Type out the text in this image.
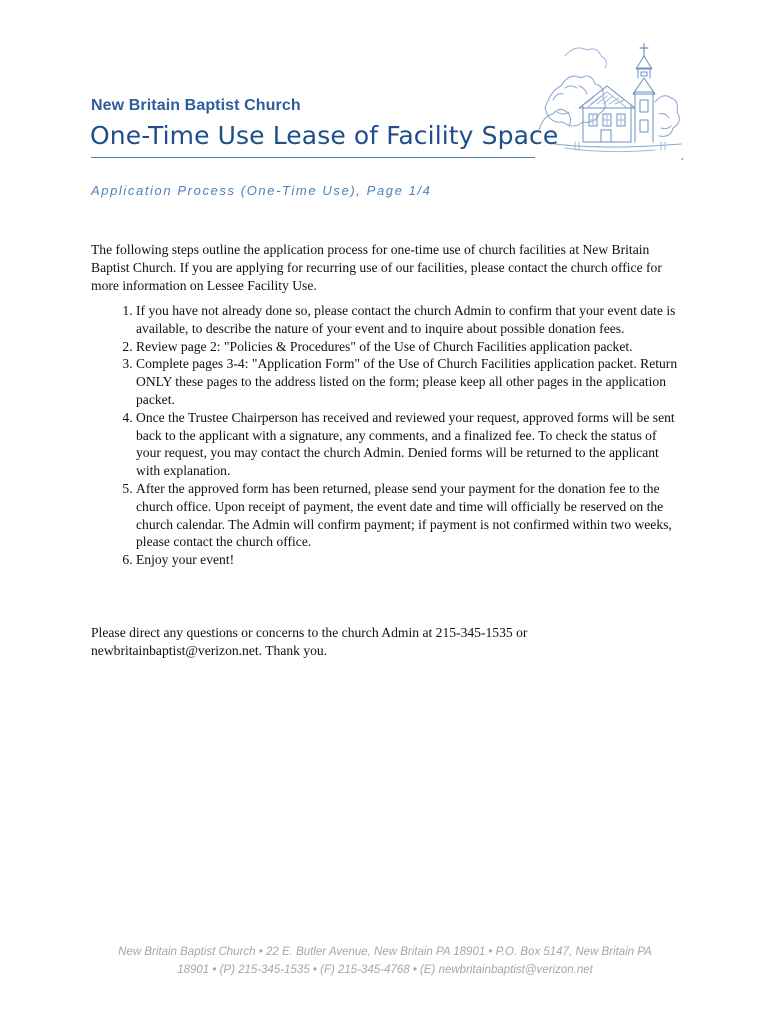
New Britain Baptist Church
One-Time Use Lease of Facility Space
Application Process (One-Time Use), Page 1/4
The following steps outline the application process for one-time use of church facilities at New Britain Baptist Church. If you are applying for recurring use of our facilities, please contact the church office for more information on Lessee Facility Use.
1. If you have not already done so, please contact the church Admin to confirm that your event date is available, to describe the nature of your event and to inquire about possible donation fees.
2. Review page 2: "Policies & Procedures" of the Use of Church Facilities application packet.
3. Complete pages 3-4: "Application Form" of the Use of Church Facilities application packet. Return ONLY these pages to the address listed on the form; please keep all other pages in the application packet.
4. Once the Trustee Chairperson has received and reviewed your request, approved forms will be sent back to the applicant with a signature, any comments, and a finalized fee. To check the status of your request, you may contact the church Admin. Denied forms will be returned to the applicant with explanation.
5. After the approved form has been returned, please send your payment for the donation fee to the church office. Upon receipt of payment, the event date and time will officially be reserved on the church calendar. The Admin will confirm payment; if payment is not confirmed within two weeks, please contact the church office.
6. Enjoy your event!
Please direct any questions or concerns to the church Admin at 215-345-1535 or newbritainbaptist@verizon.net. Thank you.
New Britain Baptist Church • 22 E. Butler Avenue, New Britain PA 18901 • P.O. Box 5147, New Britain PA
18901 • (P) 215-345-1535 • (F) 215-345-4768 • (E) newbritainbaptist@verizon.net
